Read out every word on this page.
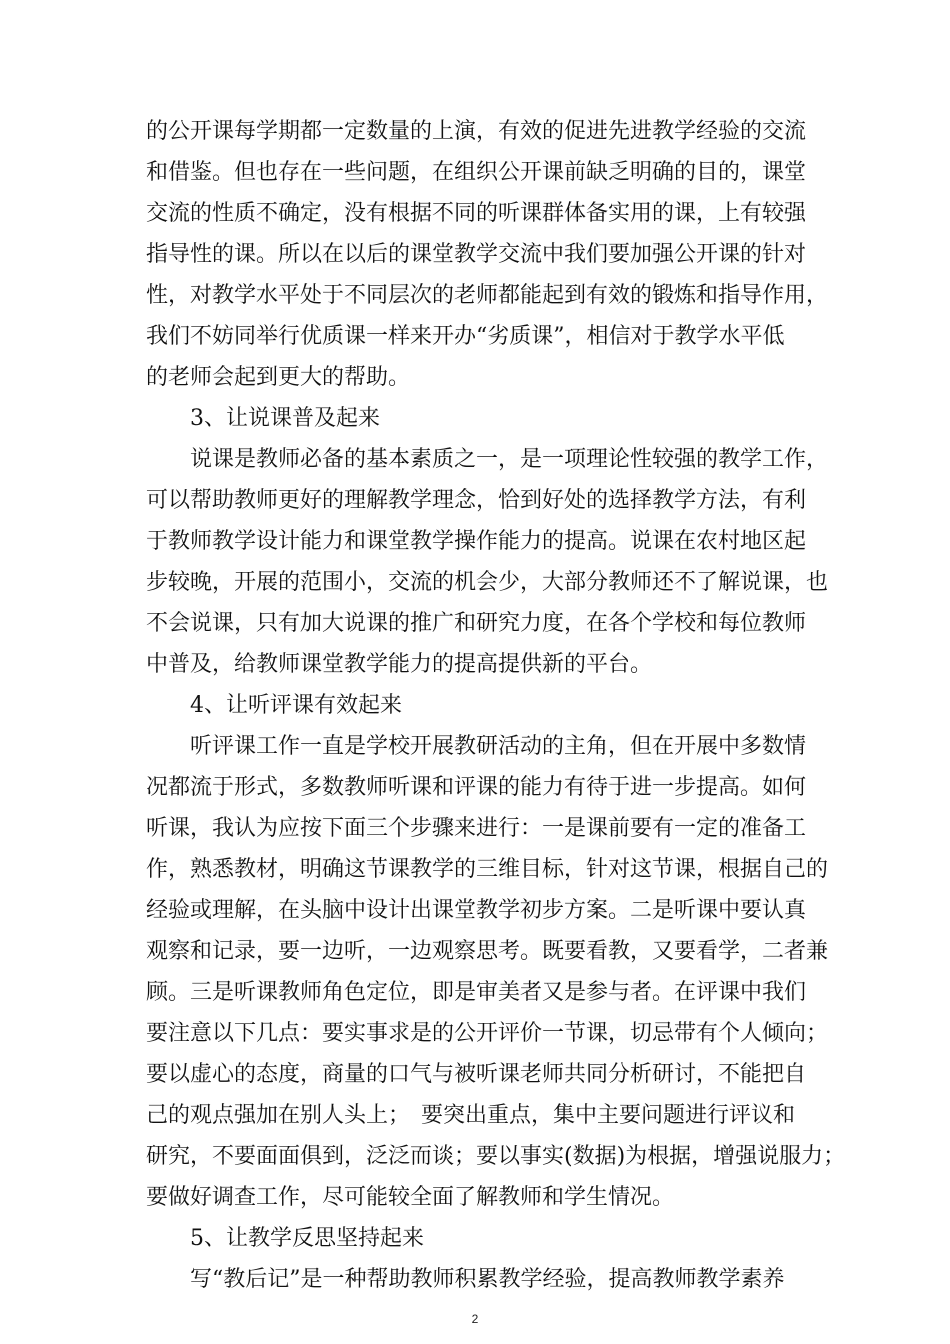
的公开课每学期都一定数量的上演，有效的促进先进教学经验的交流
和借鉴。但也存在一些问题，在组织公开课前缺乏明确的目的，课堂
交流的性质不确定，没有根据不同的听课群体备实用的课，上有较强
指导性的课。所以在以后的课堂教学交流中我们要加强公开课的针对
性，对教学水平处于不同层次的老师都能起到有效的锻炼和指导作用，
我们不妨同举行优质课一样来开办“劣质课”，相信对于教学水平低
的老师会起到更大的帮助。
3、让说课普及起来
说课是教师必备的基本素质之一，是一项理论性较强的教学工作，
可以帮助教师更好的理解教学理念，恰到好处的选择教学方法，有利
于教师教学设计能力和课堂教学操作能力的提高。说课在农村地区起
步较晚，开展的范围小，交流的机会少，大部分教师还不了解说课，也
不会说课，只有加大说课的推广和研究力度，在各个学校和每位教师
中普及，给教师课堂教学能力的提高提供新的平台。
4、让听评课有效起来
听评课工作一直是学校开展教研活动的主角，但在开展中多数情
况都流于形式，多数教师听课和评课的能力有待于进一步提高。如何
听课，我认为应按下面三个步骤来进行：一是课前要有一定的准备工
作，熟悉教材，明确这节课教学的三维目标，针对这节课，根据自己的
经验或理解，在头脑中设计出课堂教学初步方案。二是听课中要认真
观察和记录，要一边听，一边观察思考。既要看教，又要看学，二者兼
顾。三是听课教师角色定位，即是审美者又是参与者。在评课中我们
要注意以下几点：要实事求是的公开评价一节课，切忌带有个人倾向；
要以虚心的态度，商量的口气与被听课老师共同分析研讨，不能把自
己的观点强加在别人头上；　要突出重点，集中主要问题进行评议和
研究，不要面面俱到，泛泛而谈；要以事实(数据)为根据，增强说服力；
要做好调查工作，尽可能较全面了解教师和学生情况。
5、让教学反思坚持起来
写“教后记”是一种帮助教师积累教学经验，提高教师教学素养
2
